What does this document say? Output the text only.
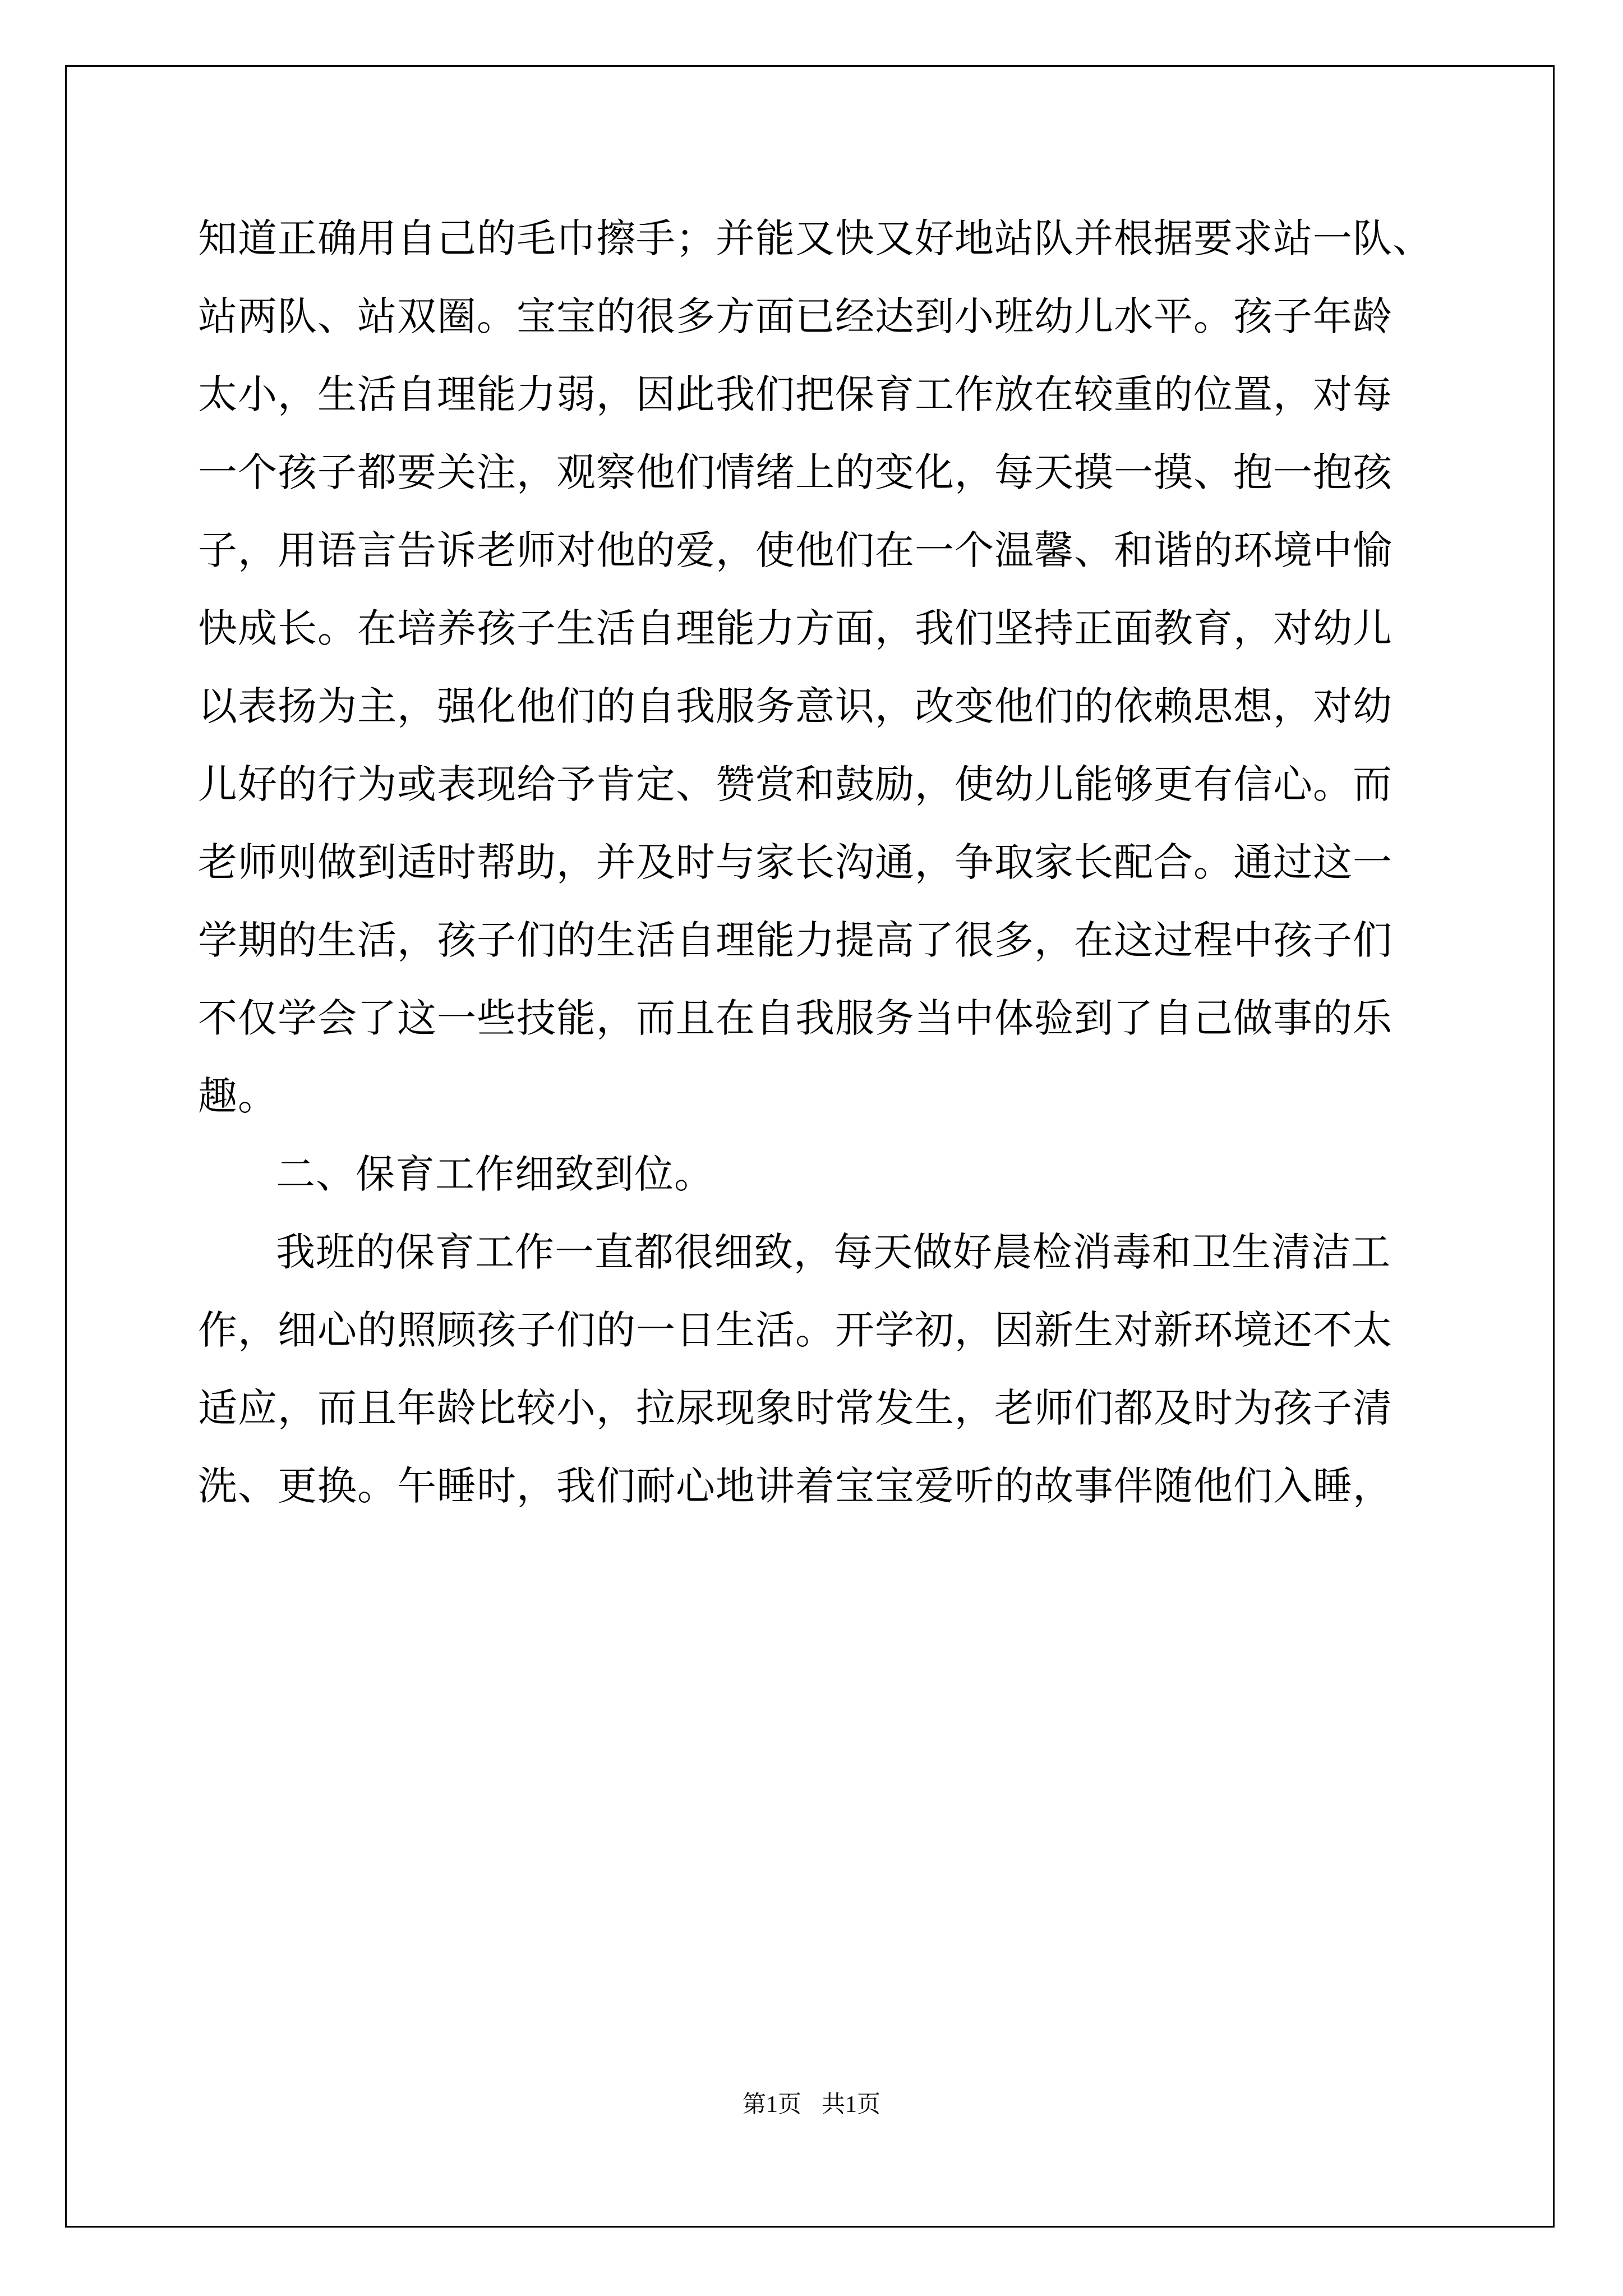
知道正确用自己的毛巾擦手；并能又快又好地站队并根据要求站一队、
站两队、站双圈。宝宝的很多方面已经达到小班幼儿水平。孩子年龄
太小，生活自理能力弱，因此我们把保育工作放在较重的位置，对每
一个孩子都要关注，观察他们情绪上的变化，每天摸一摸、抱一抱孩
子，用语言告诉老师对他的爱，使他们在一个温馨、和谐的环境中愉
快成长。在培养孩子生活自理能力方面，我们坚持正面教育，对幼儿
以表扬为主，强化他们的自我服务意识，改变他们的依赖思想，对幼
儿好的行为或表现给予肯定、赞赏和鼓励，使幼儿能够更有信心。而
老师则做到适时帮助，并及时与家长沟通，争取家长配合。通过这一
学期的生活，孩子们的生活自理能力提高了很多，在这过程中孩子们
不仅学会了这一些技能，而且在自我服务当中体验到了自己做事的乐
趣。
二、保育工作细致到位。
我班的保育工作一直都很细致，每天做好晨检消毒和卫生清洁工
作，细心的照顾孩子们的一日生活。开学初，因新生对新环境还不太
适应，而且年龄比较小，拉尿现象时常发生，老师们都及时为孩子清
洗、更换。午睡时，我们耐心地讲着宝宝爱听的故事伴随他们入睡，
第1页 共1页
